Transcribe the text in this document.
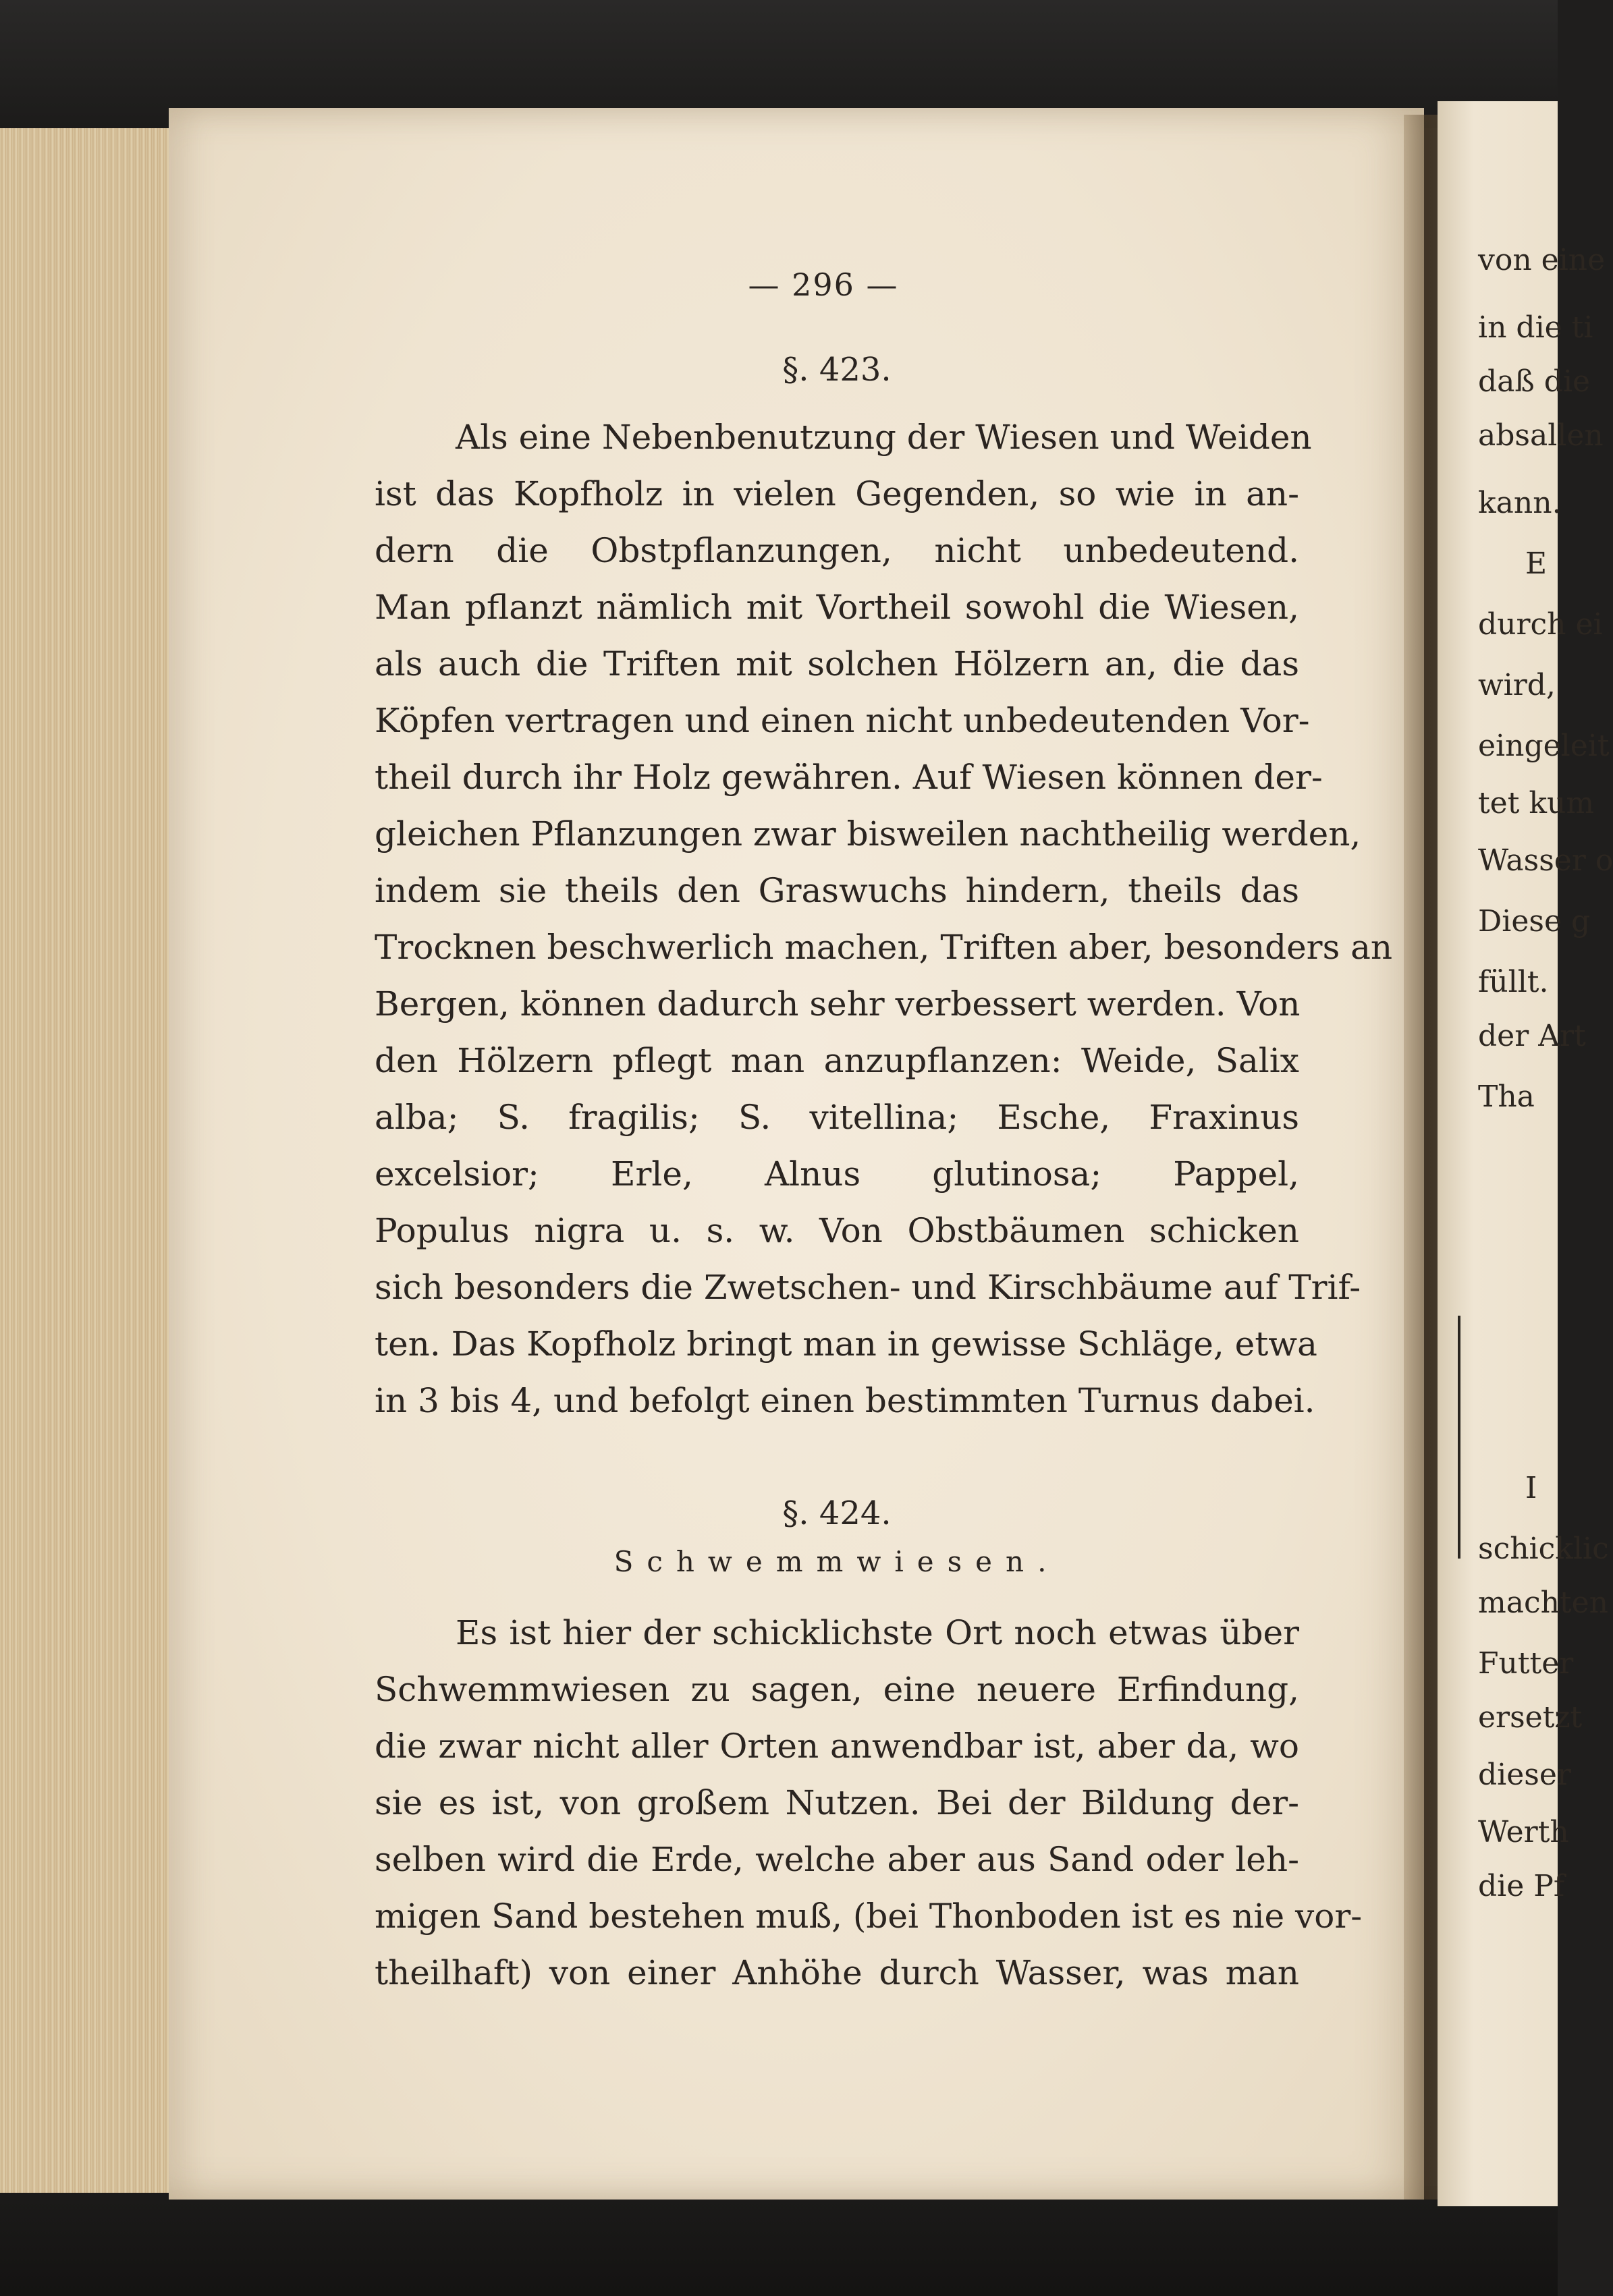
von eine
in die ti
daß die
absallen
kann.
E
durch ei
wird,
eingeleit
tet kum
Wasser o
Diese g
füllt.
der Art
Tha
I
schicklic
machten
Futter
ersetzt
dieser
Werth
die Pf
— 296 —
§. 423.
Als eine Nebenbenutzung der Wiesen und Weiden
ist das Kopfholz in vielen Gegenden, so wie in an-
dern die Obstpflanzungen, nicht unbedeutend.
Man pflanzt nämlich mit Vortheil sowohl die Wiesen,
als auch die Triften mit solchen Hölzern an, die das
Köpfen vertragen und einen nicht unbedeutenden Vor-
theil durch ihr Holz gewähren. Auf Wiesen können der-
gleichen Pflanzungen zwar bisweilen nachtheilig werden,
indem sie theils den Graswuchs hindern, theils das
Trocknen beschwerlich machen, Triften aber, besonders an
Bergen, können dadurch sehr verbessert werden. Von
den Hölzern pflegt man anzupflanzen: Weide, Salix
alba; S. fragilis; S. vitellina; Esche, Fraxinus
excelsior; Erle, Alnus glutinosa; Pappel,
Populus nigra u. s. w. Von Obstbäumen schicken
sich besonders die Zwetschen- und Kirschbäume auf Trif-
ten. Das Kopfholz bringt man in gewisse Schläge, etwa
in 3 bis 4, und befolgt einen bestimmten Turnus dabei.
§. 424.
Schwemmwiesen.
Es ist hier der schicklichste Ort noch etwas über
Schwemmwiesen zu sagen, eine neuere Erfindung,
die zwar nicht aller Orten anwendbar ist, aber da, wo
sie es ist, von großem Nutzen. Bei der Bildung der-
selben wird die Erde, welche aber aus Sand oder leh-
migen Sand bestehen muß, (bei Thonboden ist es nie vor-
theilhaft) von einer Anhöhe durch Wasser, was man
